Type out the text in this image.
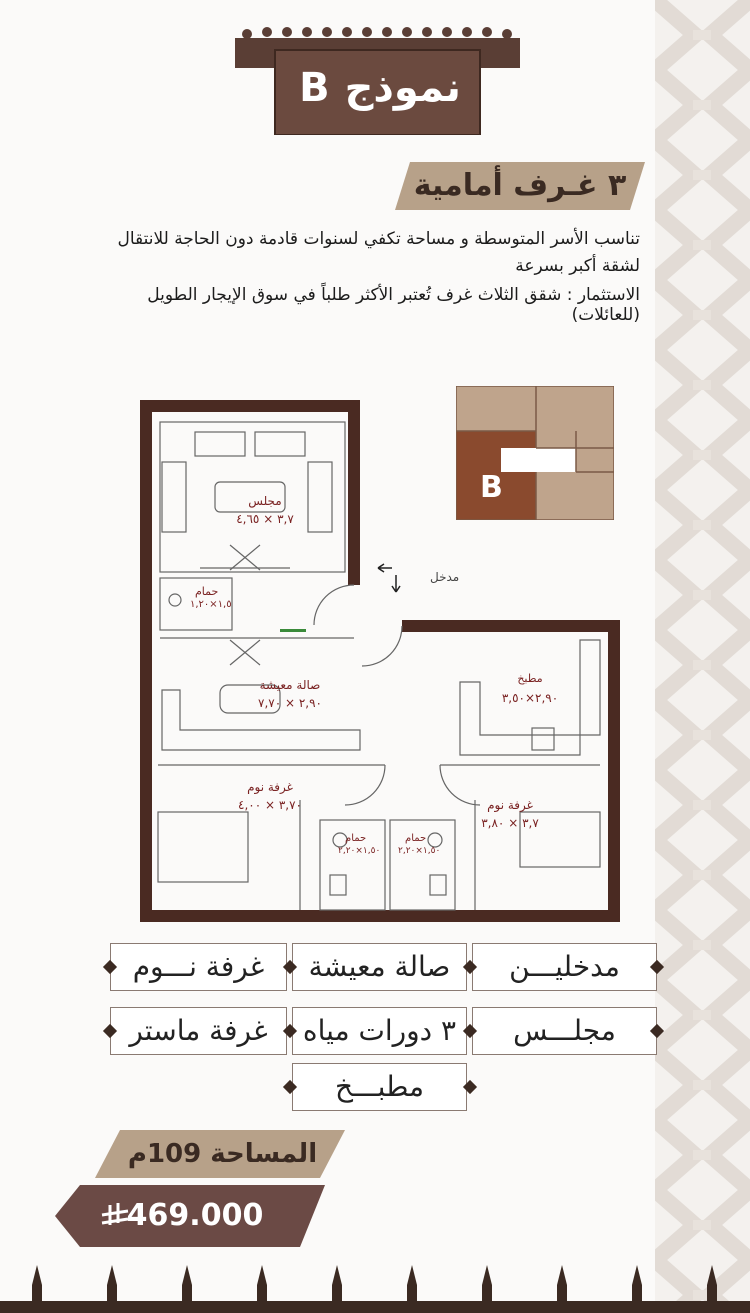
نموذج B
٣ غـرف أمامية
تناسب الأسر المتوسطة و مساحة تكفي لسنوات قادمة دون الحاجة للانتقال
لشقة أكبر بسرعة
الاستثمار : شقق الثلاث غرف تُعتبر الأكثر طلباً في سوق الإيجار الطويل (للعائلات)
مدخل
مجلس
٣,٧ × ٤,٦٥
حمام
١,٥×١,٢٠
صالة معيشة
٢,٩٠ × ٧,٧٠
مطبخ
٢,٩٠×٣,٥٠
غرفة نوم
٣,٧٠ × ٤,٠٠	غرفة نوم
٣,٧ × ٣,٨٠
حمام
١,٥٠×٢,٢٠
حمام
١,٥٠×٢,٢٠
B
مدخليـــن
صالة معيشة
غرفة نـــوم
مجلـــس
٣ دورات مياه
غرفة ماستر
مطبـــخ
المساحة 109م
469.000
